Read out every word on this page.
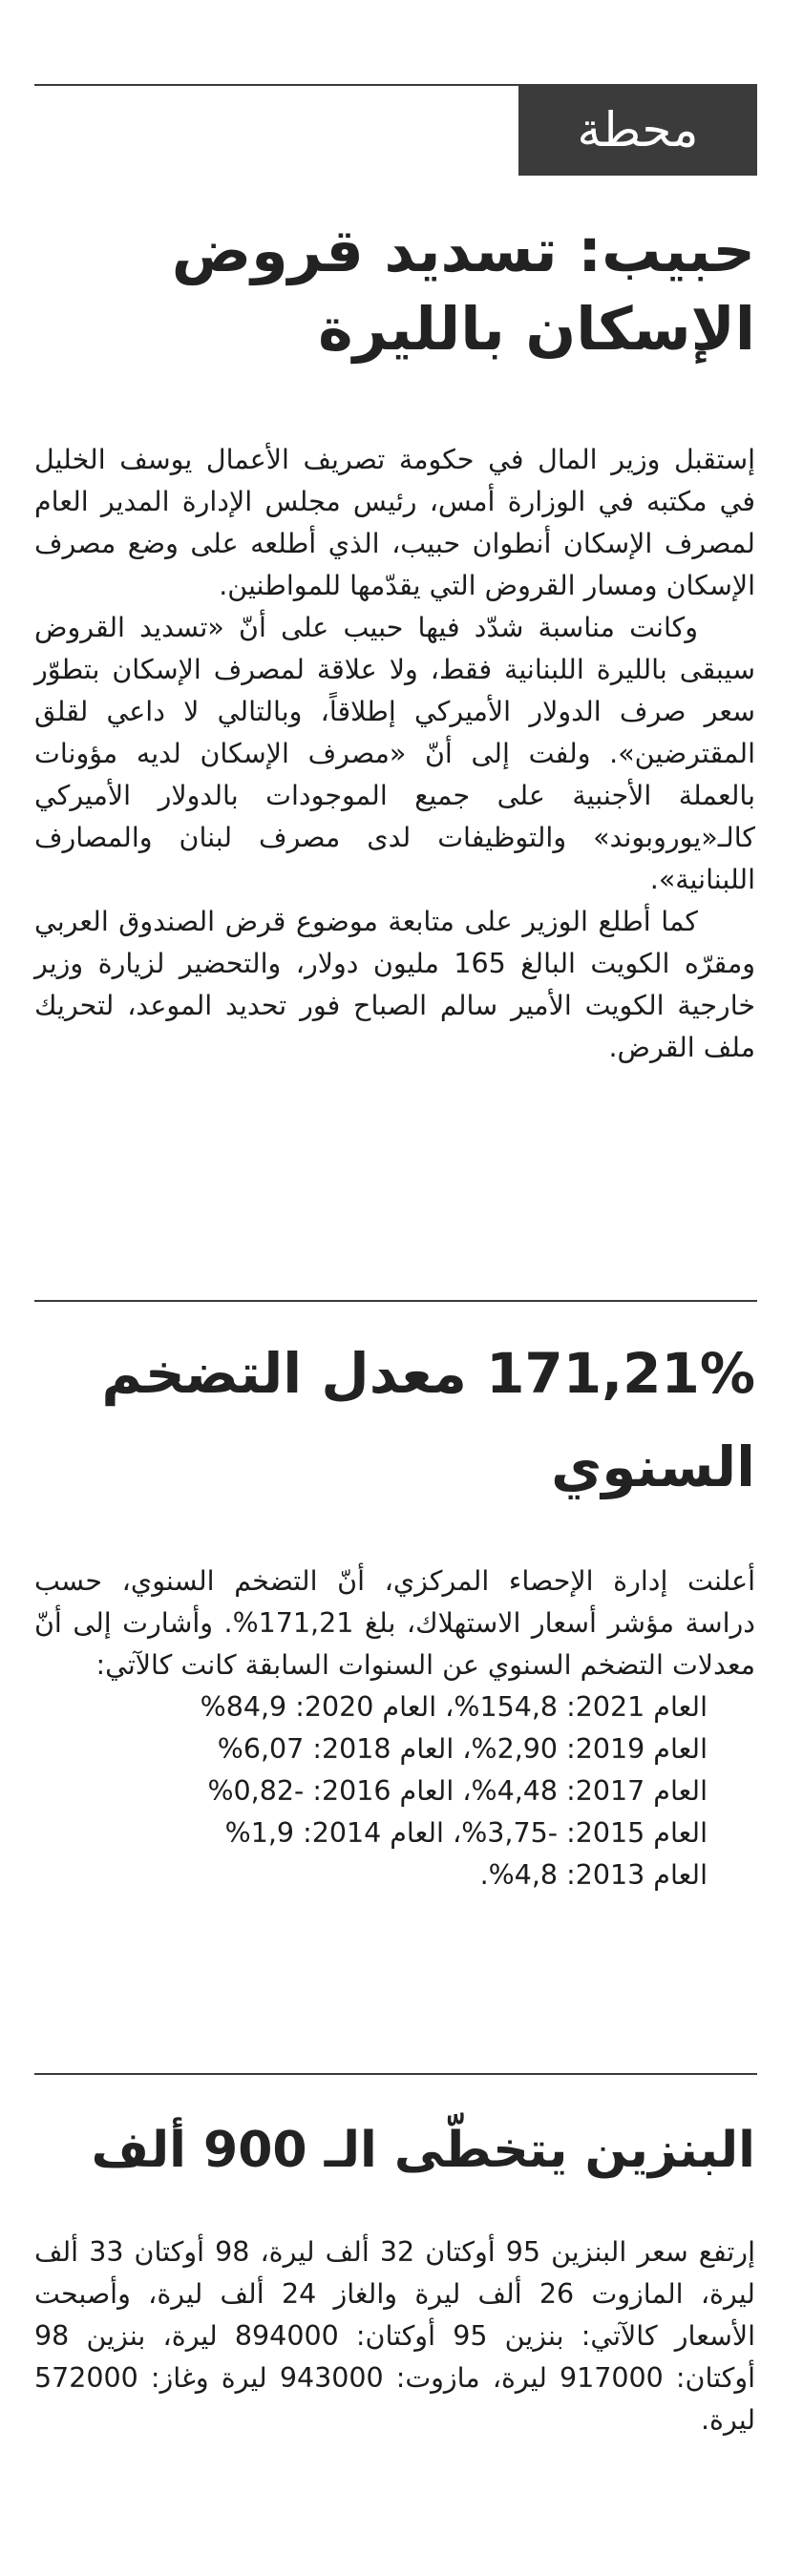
محطة
حبيب: تسديد قروض
الإسكان بالليرة

إستقبل وزير المال في حكومة تصريف الأعمال يوسف الخليل في مكتبه في الوزارة أمس، رئيس مجلس الإدارة المدير العام لمصرف الإسكان أنطوان حبيب، الذي أطلعه على وضع مصرف الإسكان ومسار القروض التي يقدّمها للمواطنين.

وكانت مناسبة شدّد فيها حبيب على أنّ «تسديد القروض سيبقى بالليرة اللبنانية فقط، ولا علاقة لمصرف الإسكان بتطوّر سعر صرف الدولار الأميركي إطلاقاً، وبالتالي لا داعي لقلق المقترضين». ولفت إلى أنّ «مصرف الإسكان لديه مؤونات بالعملة الأجنبية على جميع الموجودات بالدولار الأميركي كالـ«يوروبوند» والتوظيفات لدى مصرف لبنان والمصارف اللبنانية».

كما أطلع الوزير على متابعة موضوع قرض الصندوق العربي ومقرّه الكويت البالغ 165 مليون دولار، والتحضير لزيارة وزير خارجية الكويت الأمير سالم الصباح فور تحديد الموعد، لتحريك ملف القرض.

171,21% معدل التضخم
السنوي

أعلنت إدارة الإحصاء المركزي، أنّ التضخم السنوي، حسب دراسة مؤشر أسعار الاستهلاك، بلغ 171,21%. وأشارت إلى أنّ معدلات التضخم السنوي عن السنوات السابقة كانت كالآتي:

العام 2021: 154,8%، العام 2020: 84,9%
العام 2019: 2,90%، العام 2018: 6,07%
العام 2017: 4,48%، العام 2016: -0,82%
العام 2015: -3,75%، العام 2014: 1,9%
العام 2013: 4,8%.
البنزين يتخطّى الـ 900 ألف

إرتفع سعر البنزين 95 أوكتان 32 ألف ليرة، 98 أوكتان 33 ألف ليرة، المازوت 26 ألف ليرة والغاز 24 ألف ليرة، وأصبحت الأسعار كالآتي: بنزين 95 أوكتان: 894000 ليرة، بنزين 98 أوكتان: 917000 ليرة، مازوت: 943000 ليرة وغاز: 572000 ليرة.
